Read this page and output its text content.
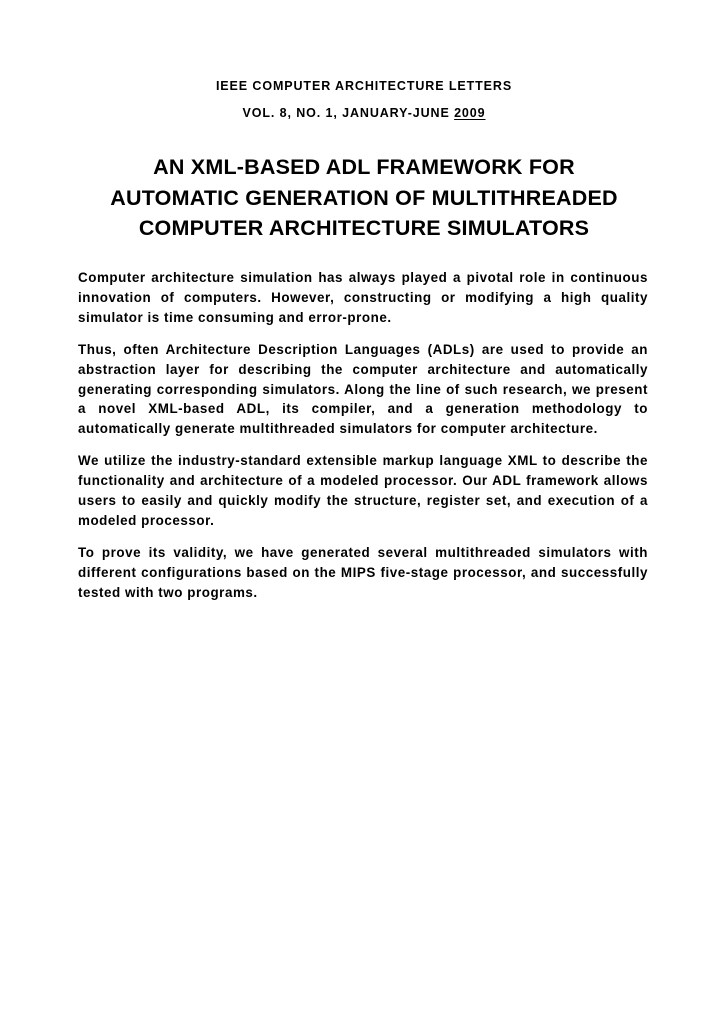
IEEE COMPUTER ARCHITECTURE LETTERS
VOL. 8, NO. 1, JANUARY-JUNE 2009
AN XML-BASED ADL FRAMEWORK FOR
AUTOMATIC GENERATION OF MULTITHREADED
COMPUTER ARCHITECTURE SIMULATORS

Computer architecture simulation has always played a pivotal role in continuous innovation of computers. However, constructing or modifying a high quality simulator is time consuming and error-prone.

Thus, often Architecture Description Languages (ADLs) are used to provide an abstraction layer for describing the computer architecture and automatically generating corresponding simulators. Along the line of such research, we present a novel XML-based ADL, its compiler, and a generation methodology to automatically generate multithreaded simulators for computer architecture.

We utilize the industry-standard extensible markup language XML to describe the functionality and architecture of a modeled processor. Our ADL framework allows users to easily and quickly modify the structure, register set, and execution of a modeled processor.

To prove its validity, we have generated several multithreaded simulators with different configurations based on the MIPS five-stage processor, and successfully tested with two programs.
